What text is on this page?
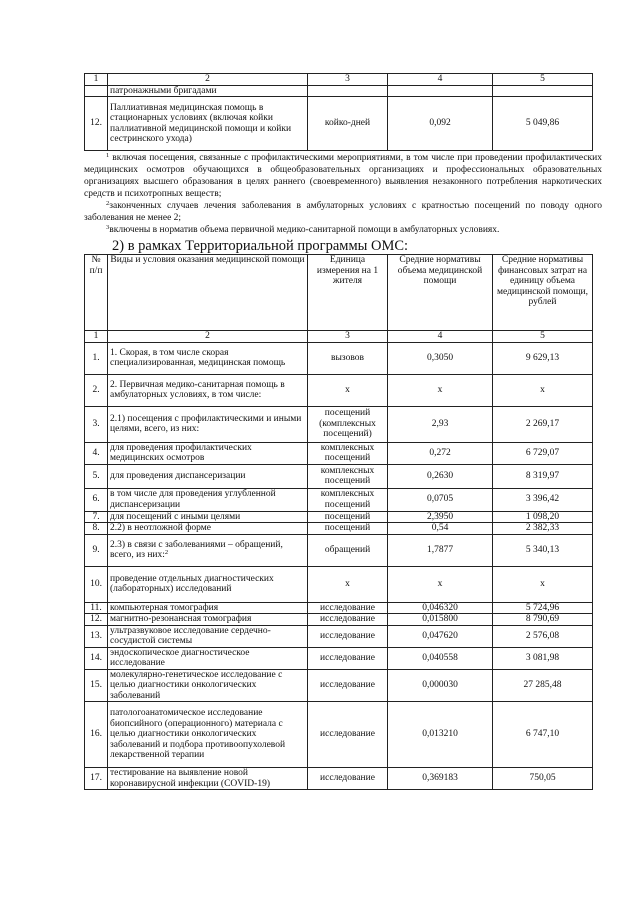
1	2	3	4	5
	патронажными бригадами			
12.	Паллиативная медицинская помощь в стационарных условиях (включая койки паллиативной медицинской помощи и койки сестринского ухода)	койко-дней	0,092	5 049,86

$^1$ включая посещения, связанные с профилактическими мероприятиями, в том числе при проведении профилактических медицинских осмотров обучающихся в общеобразовательных организациях и профессиональных образовательных организациях высшего образования в целях раннего (своевременного) выявления незаконного потребления наркотических средств и психотропных веществ;

$^2$законченных случаев лечения заболевания в амбулаторных условиях с кратностью посещений по поводу одного заболевания не менее 2;

$^3$включены в норматив объема первичной медико-санитарной помощи в амбулаторных условиях.

2) в рамках Территориальной программы ОМС:
№ п/п	Виды и условия оказания медицинской помощи	Единица измерения на 1 жителя	Средние нормативы объема медицинской помощи	Средние нормативы финансовых затрат на единицу объема медицинской помощи, рублей
1	2	3	4	5
1.	1. Скорая, в том числе скорая специализированная, медицинская помощь	вызовов	0,3050	9 629,13
2.	2. Первичная медико-санитарная помощь в амбулаторных условиях, в том числе:	х	х	х
3.	2.1) посещения с профилактическими и иными целями, всего, из них:	посещений (комплексных посещений)	2,93	2 269,17
4.	для проведения профилактических медицинских осмотров	комплексных посещений	0,272	6 729,07
5.	для проведения диспансеризации	комплексных посещений	0,2630	8 319,97
6.	в том числе для проведения углубленной диспансеризации	комплексных посещений	0,0705	3 396,42
7.	для посещений с иными целями	посещений	2,3950	1 098,20
8.	2.2) в неотложной форме	посещений	0,54	2 382,33
9.	2.3) в связи с заболеваниями – обращений, всего, из них:$^2$	обращений	1,7877	5 340,13
10.	проведение отдельных диагностических (лабораторных) исследований	х	х	х
11.	компьютерная томография	исследование	0,046320	5 724,96
12.	магнитно-резонансная томография	исследование	0,015800	8 790,69
13.	ультразвуковое исследование сердечно-сосудистой системы	исследование	0,047620	2 576,08
14.	эндоскопическое диагностическое исследование	исследование	0,040558	3 081,98
15.	молекулярно-генетическое исследование с целью диагностики онкологических заболеваний	исследование	0,000030	27 285,48
16.	патологоанатомическое исследование биопсийного (операционного) материала с целью диагностики онкологических заболеваний и подбора противоопухолевой лекарственной терапии	исследование	0,013210	6 747,10
17.	тестирование на выявление новой коронавирусной инфекции (COVID-19)	исследование	0,369183	750,05
